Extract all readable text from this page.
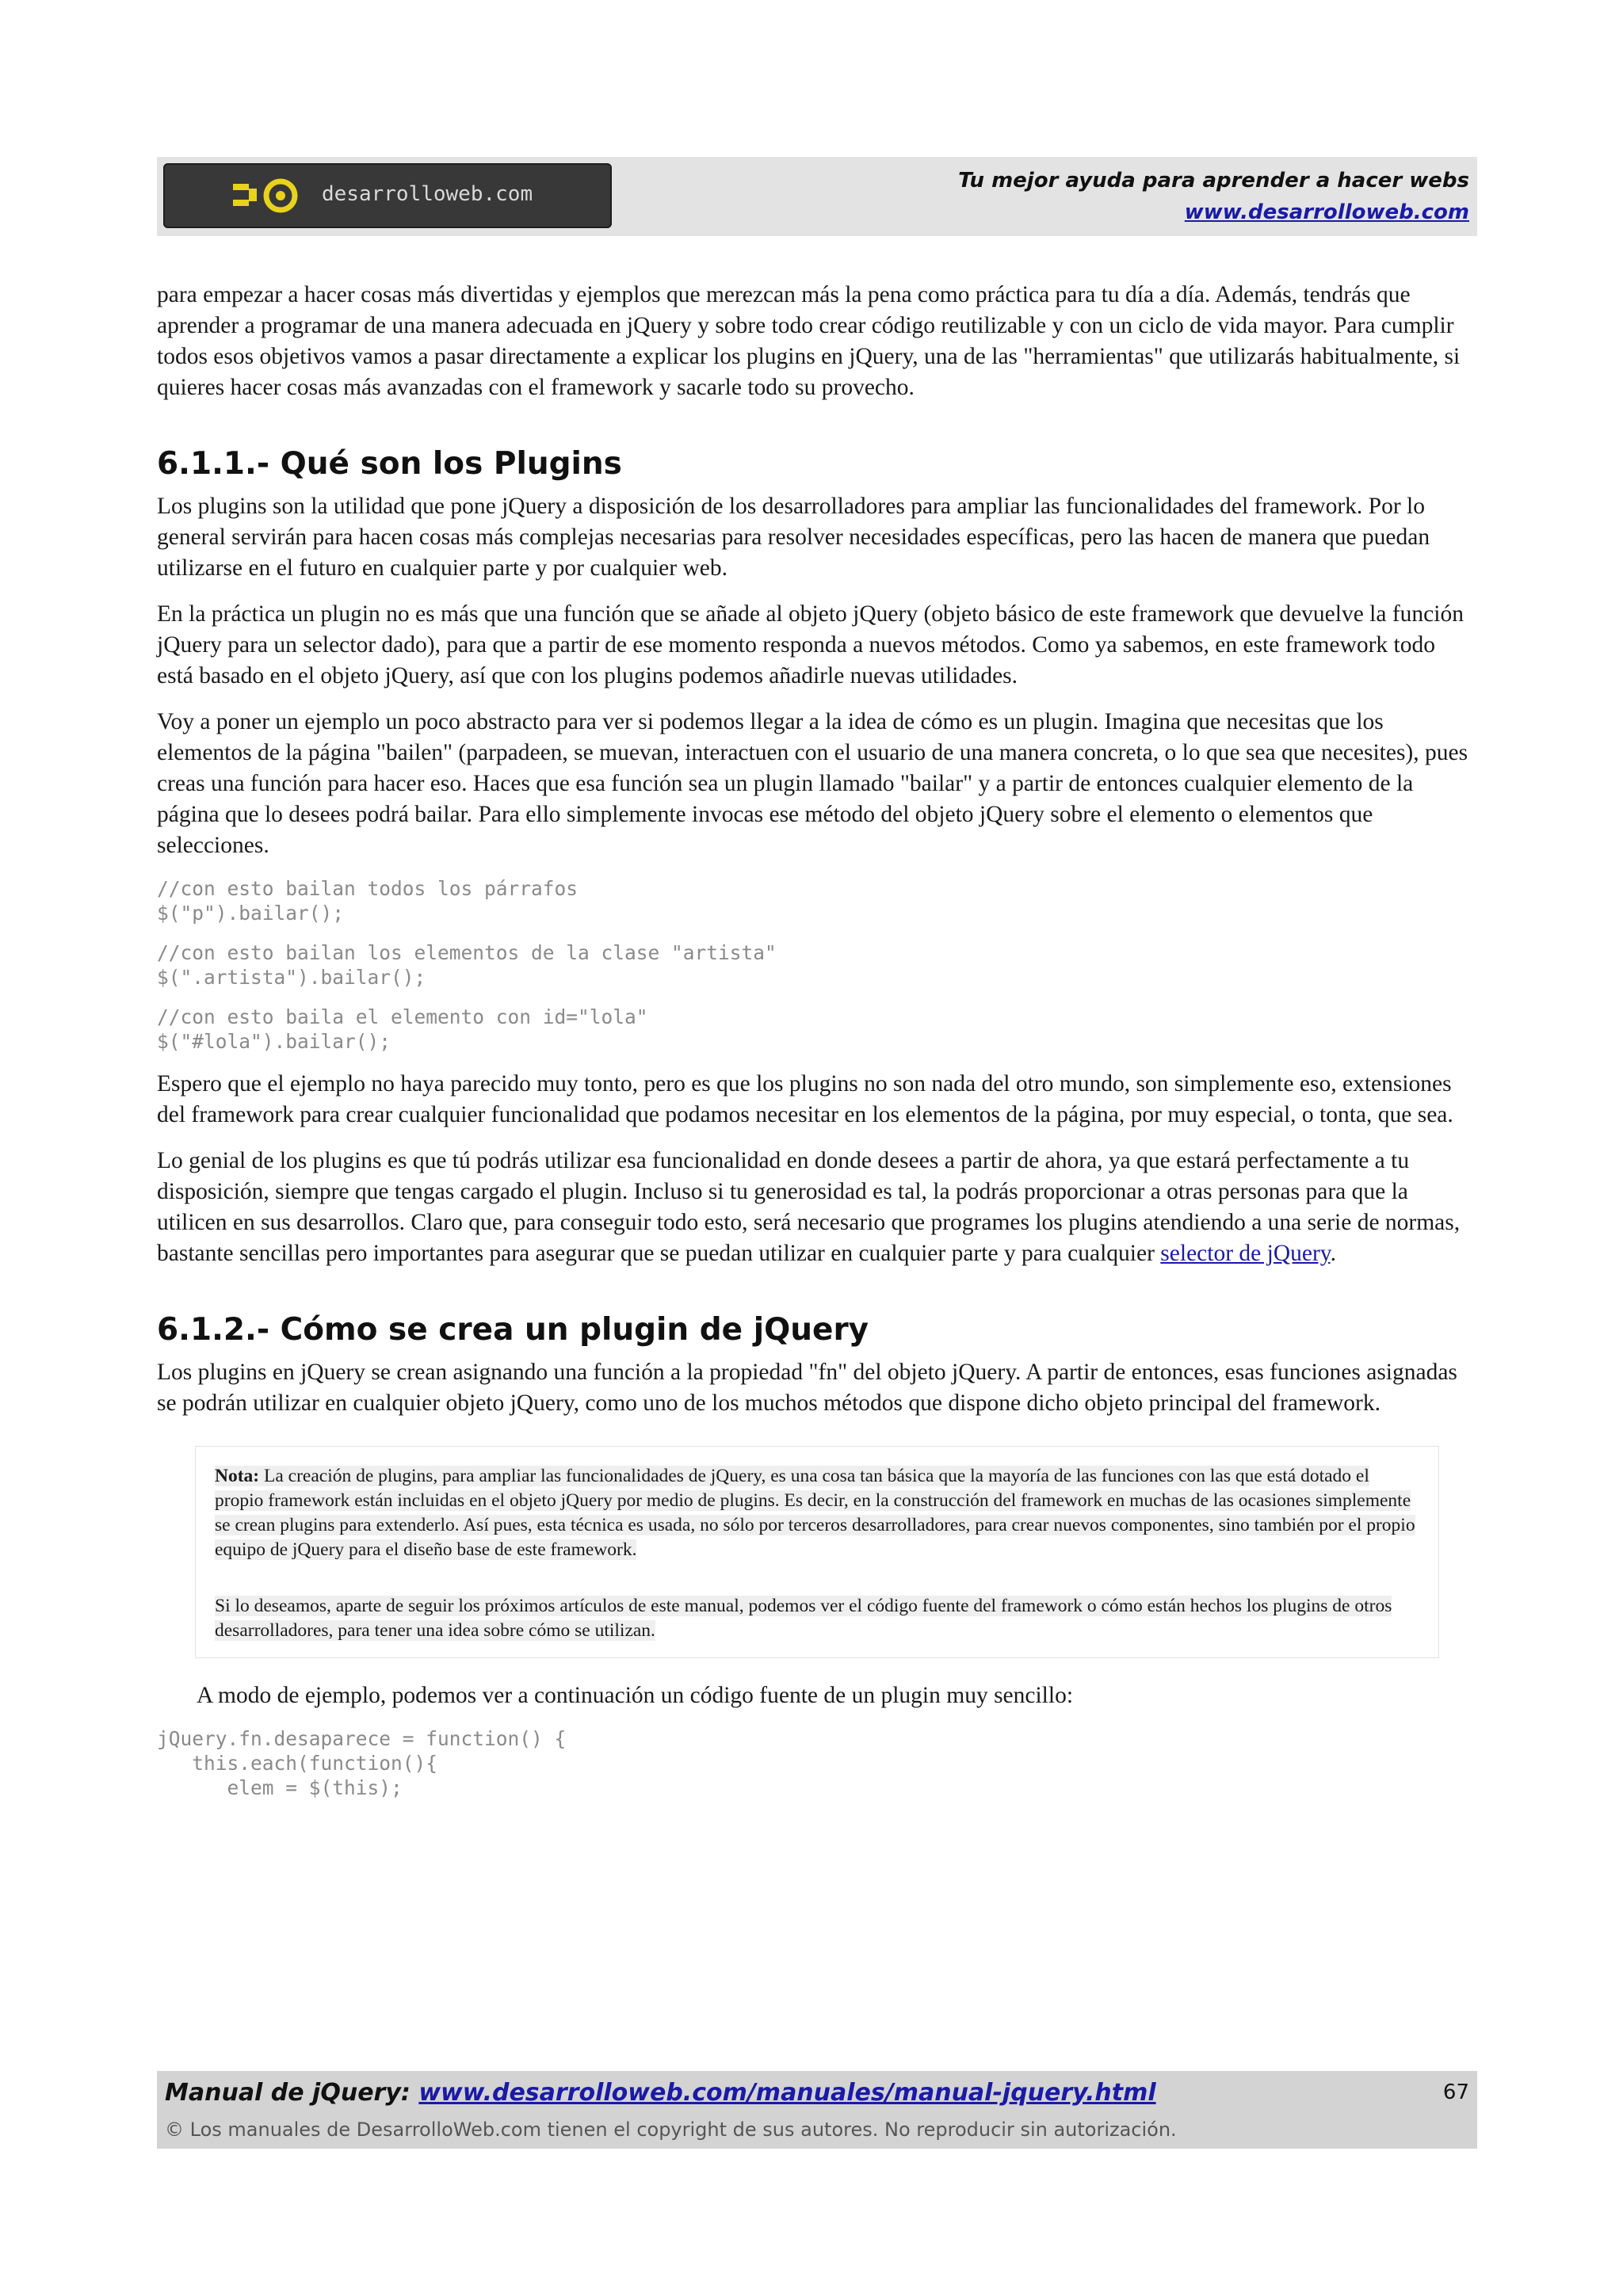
desarrolloweb.com
Tu mejor ayuda para aprender a hacer webs
www.desarrolloweb.com

para empezar a hacer cosas más divertidas y ejemplos que merezcan más la pena como práctica para tu día a día. Además, tendrás que aprender a programar de una manera adecuada en jQuery y sobre todo crear código reutilizable y con un ciclo de vida mayor. Para cumplir todos esos objetivos vamos a pasar directamente a explicar los plugins en jQuery, una de las "herramientas" que utilizarás habitualmente, si quieres hacer cosas más avanzadas con el framework y sacarle todo su provecho.

6.1.1.- Qué son los Plugins

Los plugins son la utilidad que pone jQuery a disposición de los desarrolladores para ampliar las funcionalidades del framework. Por lo general servirán para hacen cosas más complejas necesarias para resolver necesidades específicas, pero las hacen de manera que puedan utilizarse en el futuro en cualquier parte y por cualquier web.

En la práctica un plugin no es más que una función que se añade al objeto jQuery (objeto básico de este framework que devuelve la función jQuery para un selector dado), para que a partir de ese momento responda a nuevos métodos. Como ya sabemos, en este framework todo está basado en el objeto jQuery, así que con los plugins podemos añadirle nuevas utilidades.

Voy a poner un ejemplo un poco abstracto para ver si podemos llegar a la idea de cómo es un plugin. Imagina que necesitas que los elementos de la página "bailen" (parpadeen, se muevan, interactuen con el usuario de una manera concreta, o lo que sea que necesites), pues creas una función para hacer eso. Haces que esa función sea un plugin llamado "bailar" y a partir de entonces cualquier elemento de la página que lo desees podrá bailar. Para ello simplemente invocas ese método del objeto jQuery sobre el elemento o elementos que selecciones.

//con esto bailan todos los párrafos
$("p").bailar();
//con esto bailan los elementos de la clase "artista"
$(".artista").bailar();
//con esto baila el elemento con id="lola"
$("#lola").bailar();

Espero que el ejemplo no haya parecido muy tonto, pero es que los plugins no son nada del otro mundo, son simplemente eso, extensiones del framework para crear cualquier funcionalidad que podamos necesitar en los elementos de la página, por muy especial, o tonta, que sea.

Lo genial de los plugins es que tú podrás utilizar esa funcionalidad en donde desees a partir de ahora, ya que estará perfectamente a tu disposición, siempre que tengas cargado el plugin. Incluso si tu generosidad es tal, la podrás proporcionar a otras personas para que la utilicen en sus desarrollos. Claro que, para conseguir todo esto, será necesario que programes los plugins atendiendo a una serie de normas, bastante sencillas pero importantes para asegurar que se puedan utilizar en cualquier parte y para cualquier selector de jQuery.

6.1.2.- Cómo se crea un plugin de jQuery

Los plugins en jQuery se crean asignando una función a la propiedad "fn" del objeto jQuery. A partir de entonces, esas funciones asignadas se podrán utilizar en cualquier objeto jQuery, como uno de los muchos métodos que dispone dicho objeto principal del framework.

Nota: La creación de plugins, para ampliar las funcionalidades de jQuery, es una cosa tan básica que la mayoría de las funciones con las que está dotado el propio framework están incluidas en el objeto jQuery por medio de plugins. Es decir, en la construcción del framework en muchas de las ocasiones simplemente se crean plugins para extenderlo. Así pues, esta técnica es usada, no sólo por terceros desarrolladores, para crear nuevos componentes, sino también por el propio equipo de jQuery para el diseño base de este framework.

Si lo deseamos, aparte de seguir los próximos artículos de este manual, podemos ver el código fuente del framework o cómo están hechos los plugins de otros desarrolladores, para tener una idea sobre cómo se utilizan.

A modo de ejemplo, podemos ver a continuación un código fuente de un plugin muy sencillo:

jQuery.fn.desaparece = function() {
this.each(function(){
elem = $(this);
Manual de jQuery: www.desarrolloweb.com/manuales/manual-jquery.html
© Los manuales de DesarrolloWeb.com tienen el copyright de sus autores. No reproducir sin autorización.
67
